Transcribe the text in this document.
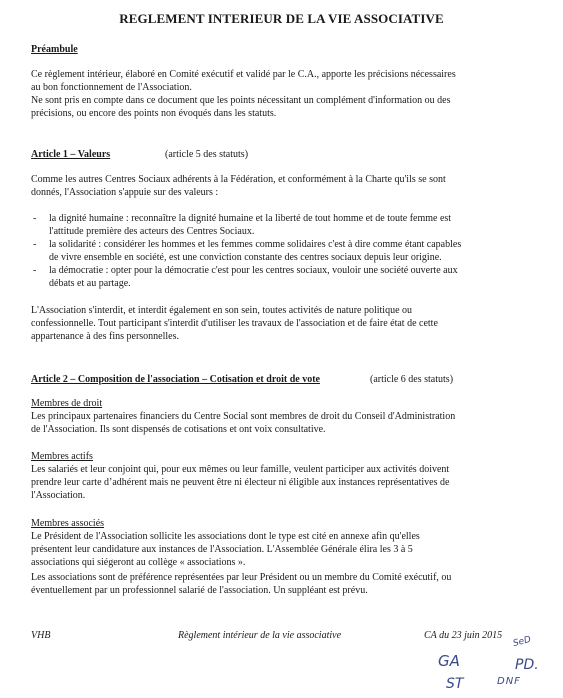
REGLEMENT INTERIEUR DE LA VIE ASSOCIATIVE
Préambule
Ce règlement intérieur, élaboré en Comité exécutif et validé par le C.A., apporte les précisions nécessaires
au bon fonctionnement de l'Association.
Ne sont pris en compte dans ce document que les points nécessitant un complément d'information ou des
précisions, ou encore des points non évoqués dans les statuts.
Article 1 – Valeurs	(article 5 des statuts)
Comme les autres Centres Sociaux adhérents à la Fédération, et conformément à la Charte qu'ils se sont
donnés, l'Association s'appuie sur des valeurs :
- la dignité humaine : reconnaître la dignité humaine et la liberté de tout homme et de toute femme est
l'attitude première des acteurs des Centres Sociaux.
- la solidarité : considérer les hommes et les femmes comme solidaires c'est à dire comme étant capables
de vivre ensemble en société, est une conviction constante des centres sociaux depuis leur origine.
- la démocratie : opter pour la démocratie c'est pour les centres sociaux, vouloir une société ouverte aux
débats et au partage.
L'Association s'interdit, et interdit également en son sein, toutes activités de nature politique ou
confessionnelle. Tout participant s'interdit d'utiliser les travaux de l'association et de faire état de cette
appartenance à des fins personnelles.
Article 2 – Composition de l'association – Cotisation et droit de vote	(article 6 des statuts)
Membres de droit
Les principaux partenaires financiers du Centre Social sont membres de droit du Conseil d'Administration
de l'Association. Ils sont dispensés de cotisations et ont voix consultative.
Membres actifs
Les salariés et leur conjoint qui, pour eux mêmes ou leur famille, veulent participer aux activités doivent
prendre leur carte d’adhérent mais ne peuvent être ni électeur ni éligible aux instances représentatives de
l'Association.
Membres associés
Le Président de l'Association sollicite les associations dont le type est cité en annexe afin qu'elles
présentent leur candidature aux instances de l'Association. L'Assemblée Générale élira les 3 à 5
associations qui siégeront au collège « associations ».
Les associations sont de préférence représentées par leur Président ou un membre du Comité exécutif, ou
éventuellement par un professionnel salarié de l'association. Un suppléant est prévu.
VHB	Règlement intérieur de la vie associative	CA du 23 juin 2015
GA
ST	DNF
SeD
PD.
